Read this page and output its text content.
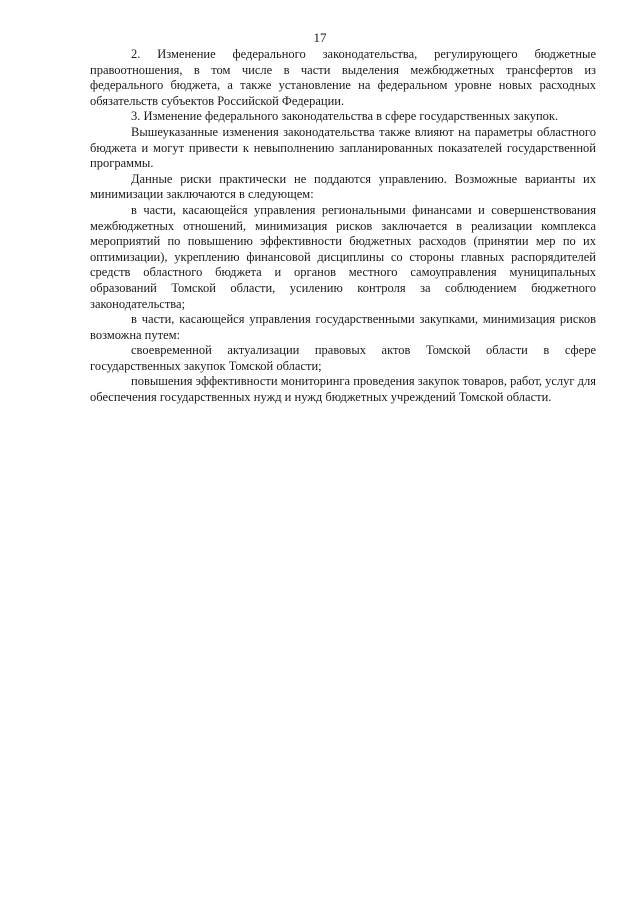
17

2. Изменение федерального законодательства, регулирующего бюджетные правоотношения, в том числе в части выделения межбюджетных трансфертов из федерального бюджета, а также установление на федеральном уровне новых расходных обязательств субъектов Российской Федерации.

3. Изменение федерального законодательства в сфере государственных закупок.

Вышеуказанные изменения законодательства также влияют на параметры областного бюджета и могут привести к невыполнению запланированных показателей государственной программы.

Данные риски практически не поддаются управлению. Возможные варианты их минимизации заключаются в следующем:

в части, касающейся управления региональными финансами и совершенствования межбюджетных отношений, минимизация рисков заключается в реализации комплекса мероприятий по повышению эффективности бюджетных расходов (принятии мер по их оптимизации), укреплению финансовой дисциплины со стороны главных распорядителей средств областного бюджета и органов местного самоуправления муниципальных образований Томской области, усилению контроля за соблюдением бюджетного законодательства;

в части, касающейся управления государственными закупками, минимизация рисков возможна путем:

своевременной актуализации правовых актов Томской области в сфере государственных закупок Томской области;

повышения эффективности мониторинга проведения закупок товаров, работ, услуг для обеспечения государственных нужд и нужд бюджетных учреждений Томской области.
